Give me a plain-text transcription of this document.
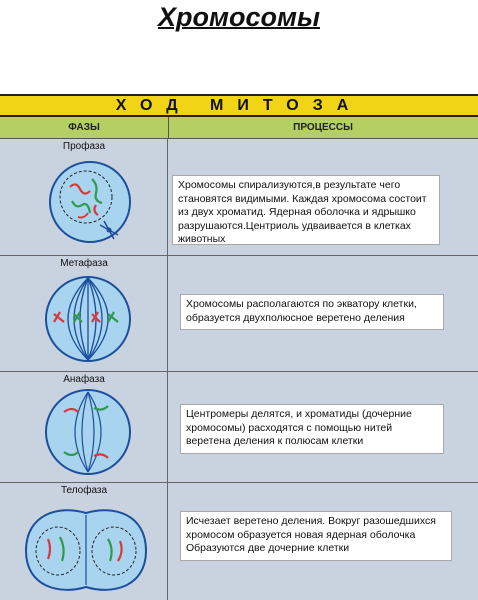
Хромосомы
ХОД МИТОЗА
ФАЗЫ	ПРОЦЕССЫ
Профаза
Хромосомы спирализуются,в результате чего становятся видимыми. Каждая хромосома состоит из двух хроматид. Ядерная оболочка и ядрышко разрушаются.Центриоль удваивается в клетках животных
Метафаза
Хромосомы располагаются по экватору клетки, образуется двухполюсное веретено деления
Анафаза
Центромеры делятся, и хроматиды (дочерние хромосомы) расходятся с помощью нитей веретена деления к полюсам клетки
Телофаза
Исчезает веретено деления. Вокруг разошедшихся хромосом образуется новая ядерная оболочка Образуются две дочерние клетки
